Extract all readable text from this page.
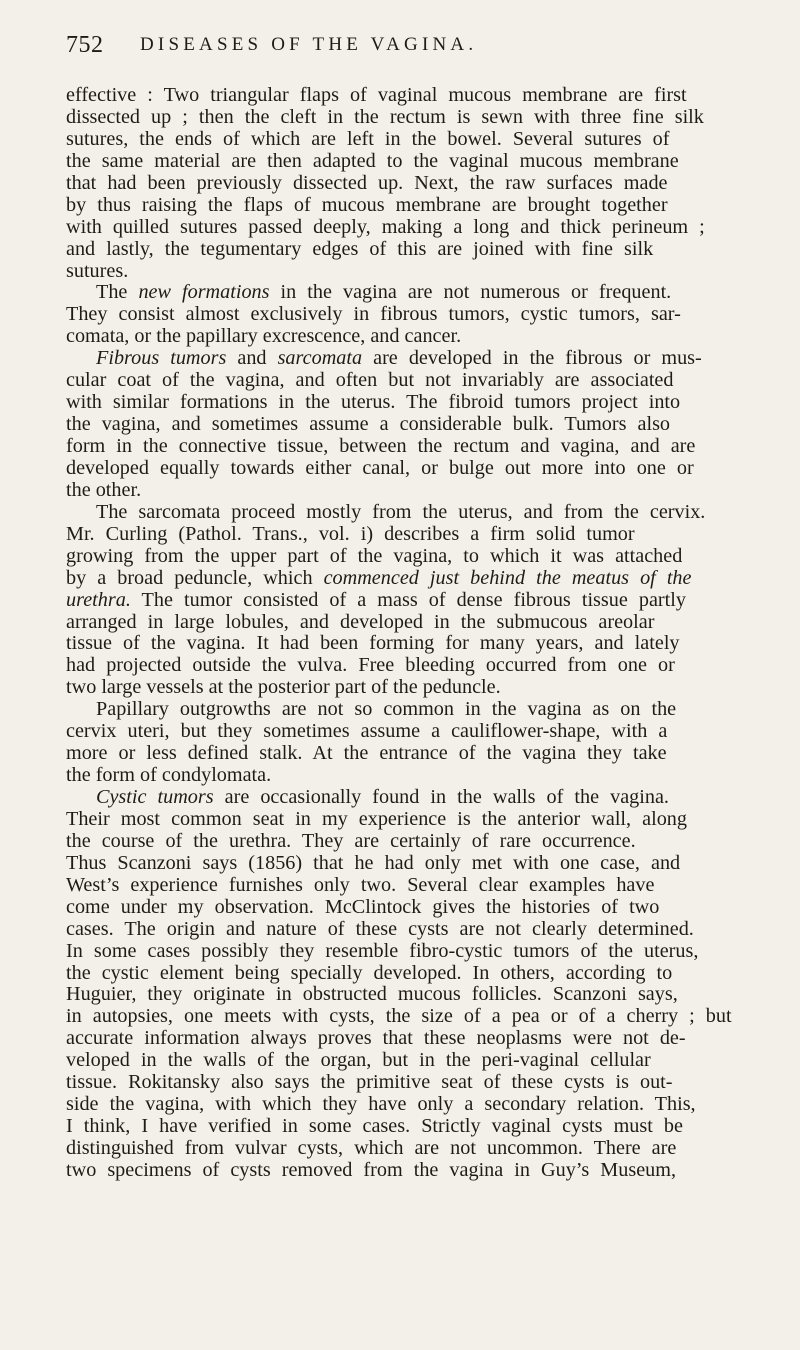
752 DISEASES OF THE VAGINA.
effective : Two triangular flaps of vaginal mucous membrane are first
dissected up ; then the cleft in the rectum is sewn with three fine silk
sutures, the ends of which are left in the bowel. Several sutures of
the same material are then adapted to the vaginal mucous membrane
that had been previously dissected up. Next, the raw surfaces made
by thus raising the flaps of mucous membrane are brought together
with quilled sutures passed deeply, making a long and thick perineum ;
and lastly, the tegumentary edges of this are joined with fine silk
sutures.
The new formations in the vagina are not numerous or frequent.
They consist almost exclusively in fibrous tumors, cystic tumors, sar-
comata, or the papillary excrescence, and cancer.
Fibrous tumors and sarcomata are developed in the fibrous or mus-
cular coat of the vagina, and often but not invariably are associated
with similar formations in the uterus. The fibroid tumors project into
the vagina, and sometimes assume a considerable bulk. Tumors also
form in the connective tissue, between the rectum and vagina, and are
developed equally towards either canal, or bulge out more into one or
the other.
The sarcomata proceed mostly from the uterus, and from the cervix.
Mr. Curling (Pathol. Trans., vol. i) describes a firm solid tumor
growing from the upper part of the vagina, to which it was attached
by a broad peduncle, which commenced just behind the meatus of the
urethra. The tumor consisted of a mass of dense fibrous tissue partly
arranged in large lobules, and developed in the submucous areolar
tissue of the vagina. It had been forming for many years, and lately
had projected outside the vulva. Free bleeding occurred from one or
two large vessels at the posterior part of the peduncle.
Papillary outgrowths are not so common in the vagina as on the
cervix uteri, but they sometimes assume a cauliflower-shape, with a
more or less defined stalk. At the entrance of the vagina they take
the form of condylomata.
Cystic tumors are occasionally found in the walls of the vagina.
Their most common seat in my experience is the anterior wall, along
the course of the urethra. They are certainly of rare occurrence.
Thus Scanzoni says (1856) that he had only met with one case, and
West’s experience furnishes only two. Several clear examples have
come under my observation. McClintock gives the histories of two
cases. The origin and nature of these cysts are not clearly determined.
In some cases possibly they resemble fibro-cystic tumors of the uterus,
the cystic element being specially developed. In others, according to
Huguier, they originate in obstructed mucous follicles. Scanzoni says,
in autopsies, one meets with cysts, the size of a pea or of a cherry ; but
accurate information always proves that these neoplasms were not de-
veloped in the walls of the organ, but in the peri-vaginal cellular
tissue. Rokitansky also says the primitive seat of these cysts is out-
side the vagina, with which they have only a secondary relation. This,
I think, I have verified in some cases. Strictly vaginal cysts must be
distinguished from vulvar cysts, which are not uncommon. There are
two specimens of cysts removed from the vagina in Guy’s Museum,
